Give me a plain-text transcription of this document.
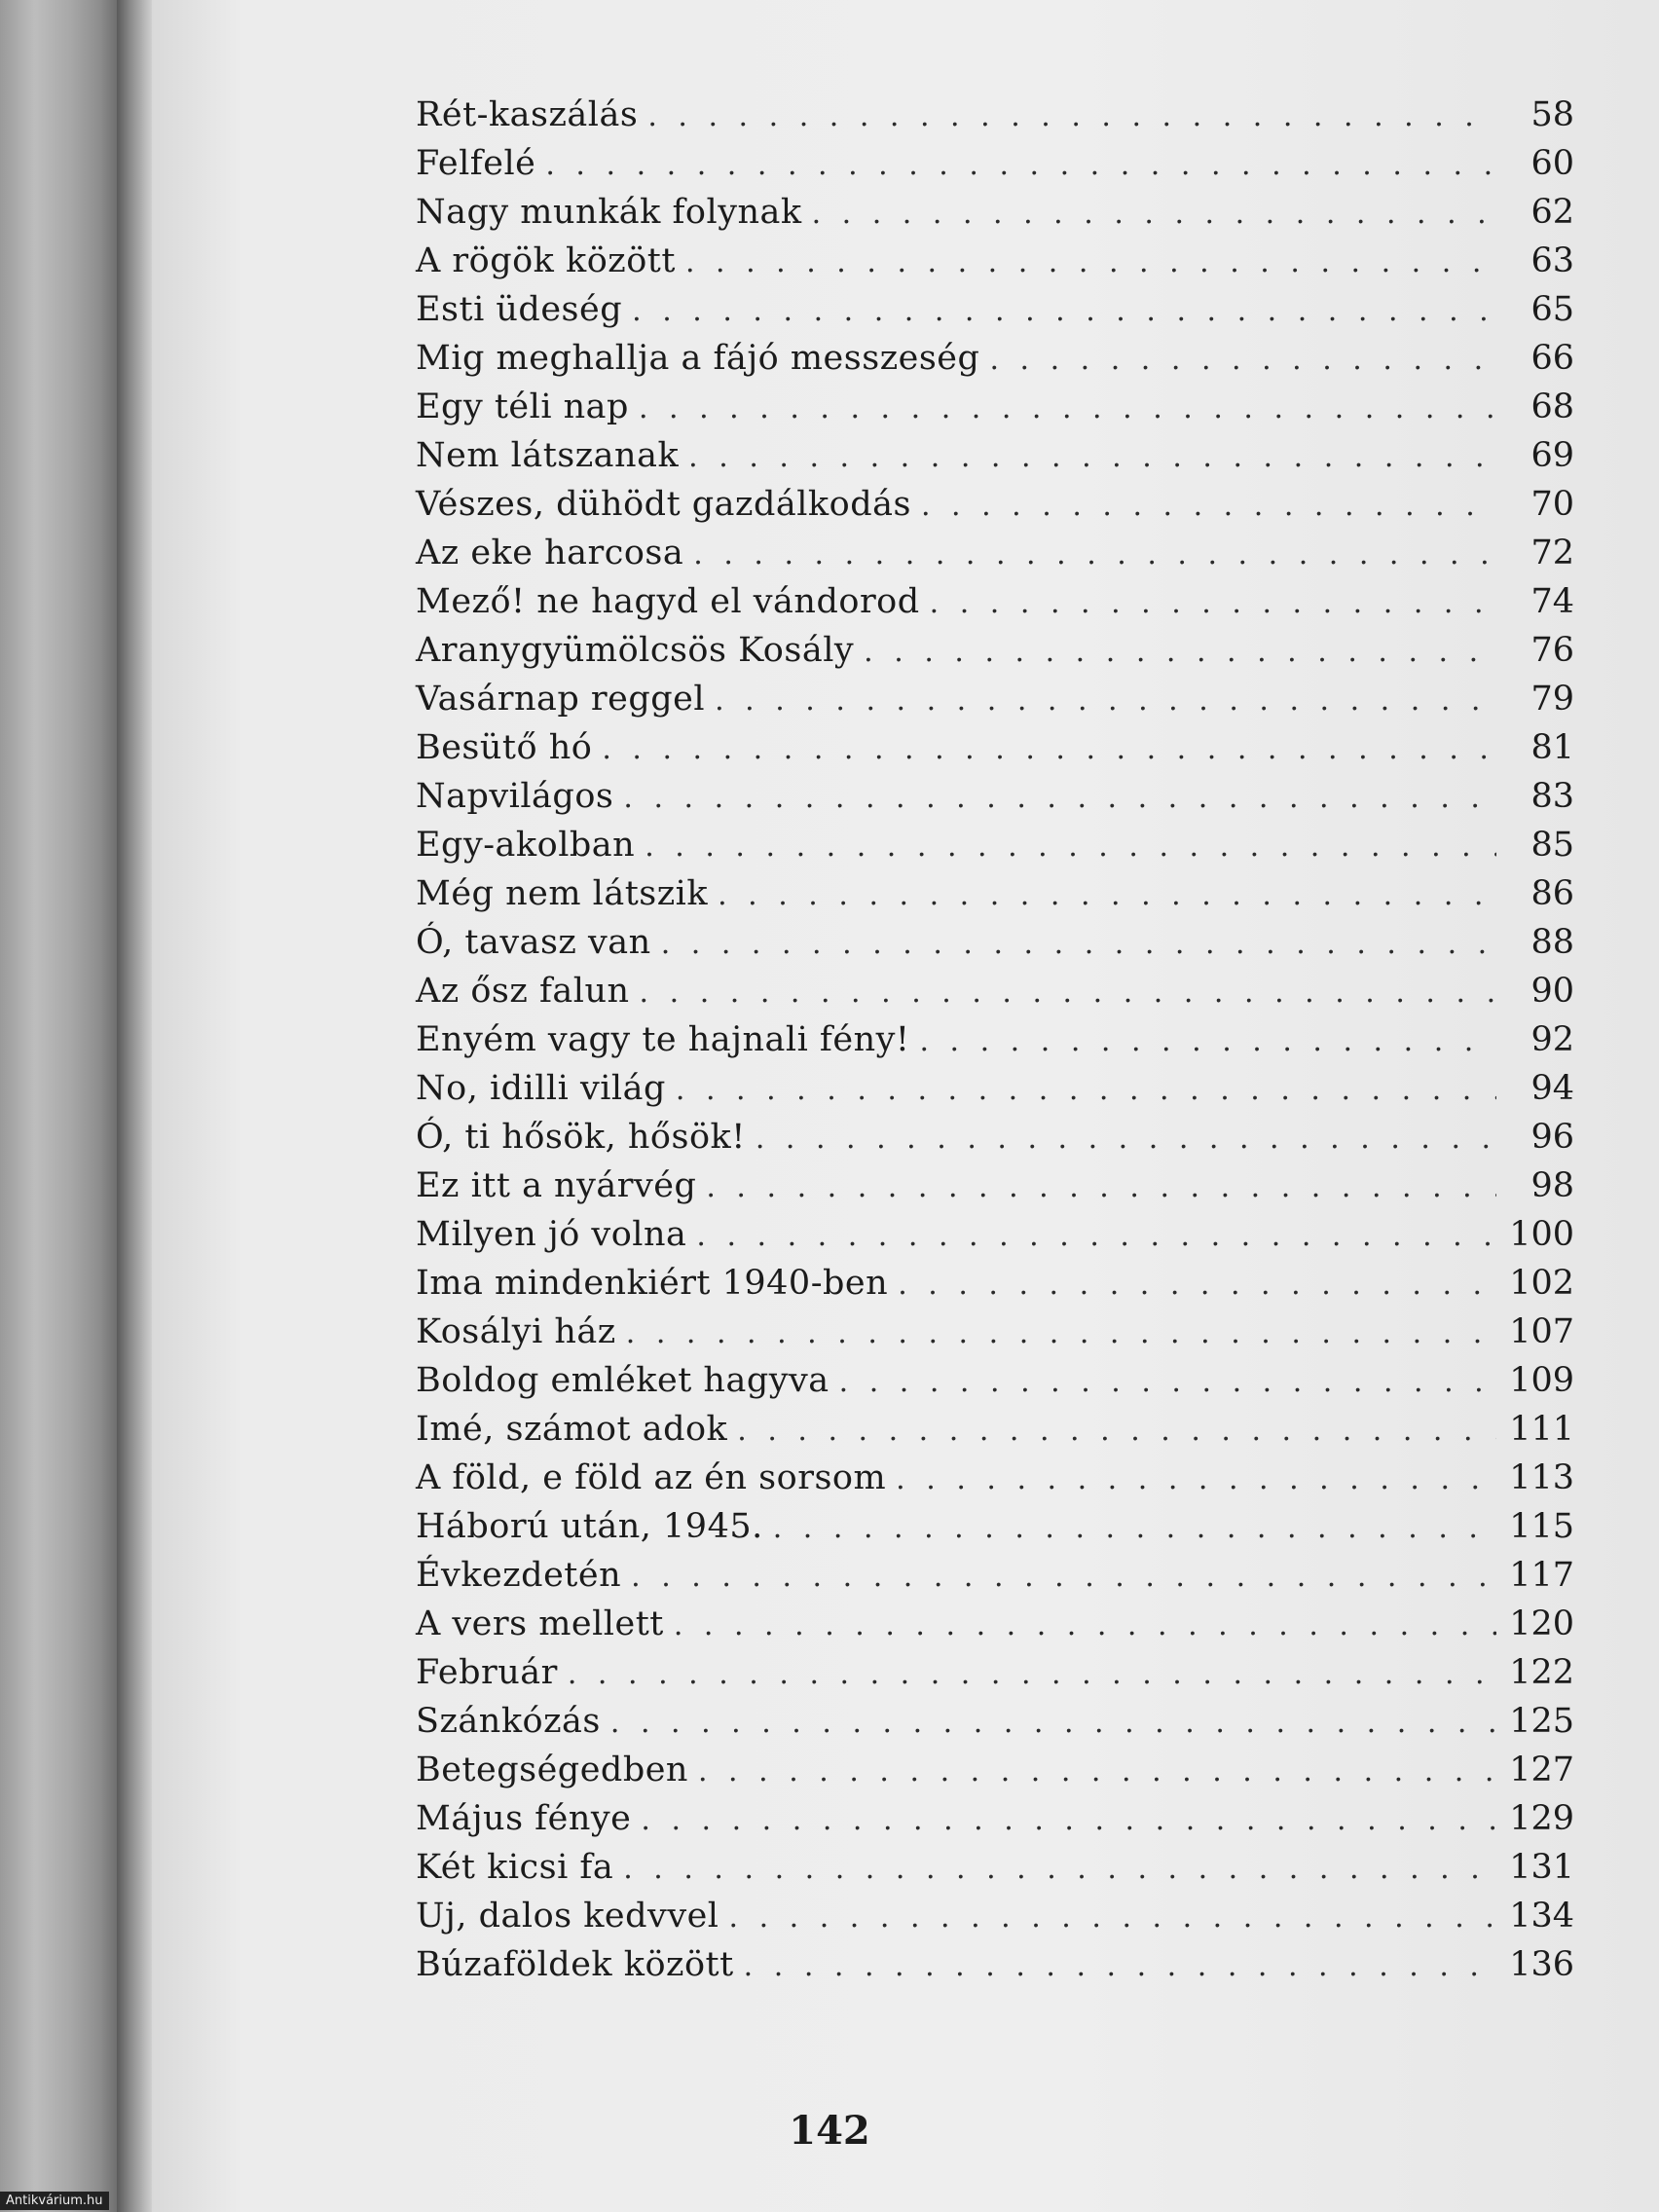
Rét-kaszálás . . .	58
Felfelé . . .	60
Nagy munkák folynak . . .	62
A rögök között . . .	63
Esti üdeség . . .	65
Mig meghallja a fájó messzeség . . .	66
Egy téli nap . . .	68
Nem látszanak . . .	69
Vészes, dühödt gazdálkodás . . .	70
Az eke harcosa . . .	72
Mező! ne hagyd el vándorod . . .	74
Aranygyümölcsös Kosály . . .	76
Vasárnap reggel . . .	79
Besütő hó . . .	81
Napvilágos . . .	83
Egy-akolban . . .	85
Még nem látszik . . .	86
Ó, tavasz van . . .	88
Az ősz falun . . .	90
Enyém vagy te hajnali fény! . . .	92
No, idilli világ . . .	94
Ó, ti hősök, hősök! . . .	96
Ez itt a nyárvég . . .	98
Milyen jó volna . . .	100
Ima mindenkiért 1940-ben . . .	102
Kosályi ház . . .	107
Boldog emléket hagyva . . .	109
Imé, számot adok . . .	111
A föld, e föld az én sorsom . . .	113
Háború után, 1945. . . .	115
Évkezdetén . . .	117
A vers mellett . . .	120
Február . . .	122
Szánkózás . . .	125
Betegségedben . . .	127
Május fénye . . .	129
Két kicsi fa . . .	131
Uj, dalos kedvvel . . .	134
Búzaföldek között . . .	136
142
Antikvárium.hu
